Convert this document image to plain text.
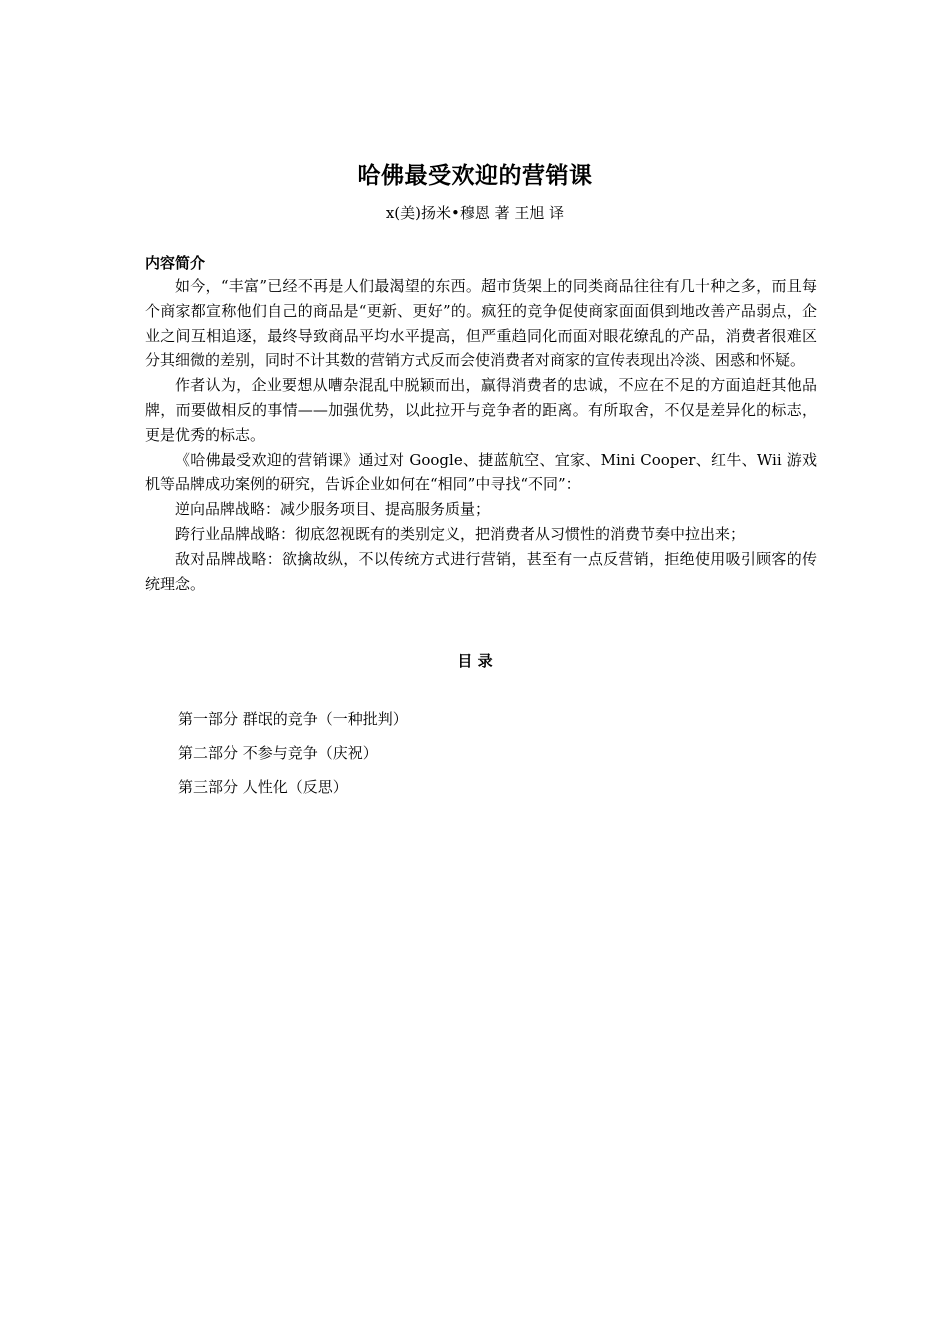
哈佛最受欢迎的营销课
x(美)扬米•穆恩 著 王旭 译
内容简介

如今，“丰富”已经不再是人们最渴望的东西。超市货架上的同类商品往往有几十种之多，而且每个商家都宣称他们自己的商品是“更新、更好”的。疯狂的竞争促使商家面面俱到地改善产品弱点，企业之间互相追逐，最终导致商品平均水平提高，但严重趋同化而面对眼花缭乱的产品，消费者很难区分其细微的差别，同时不计其数的营销方式反而会使消费者对商家的宣传表现出冷淡、困惑和怀疑。

作者认为，企业要想从嘈杂混乱中脱颖而出，赢得消费者的忠诚，不应在不足的方面追赶其他品牌，而要做相反的事情——加强优势，以此拉开与竞争者的距离。有所取舍，不仅是差异化的标志，更是优秀的标志。

《哈佛最受欢迎的营销课》通过对 Google、捷蓝航空、宜家、Mini Cooper、红牛、Wii 游戏机等品牌成功案例的研究，告诉企业如何在“相同”中寻找“不同”：

逆向品牌战略：减少服务项目、提高服务质量；

跨行业品牌战略：彻底忽视既有的类别定义，把消费者从习惯性的消费节奏中拉出来；

敌对品牌战略：欲擒故纵，不以传统方式进行营销，甚至有一点反营销，拒绝使用吸引顾客的传统理念。

目 录
第一部分 群氓的竞争（一种批判）
第二部分 不参与竞争（庆祝）
第三部分 人性化（反思）
